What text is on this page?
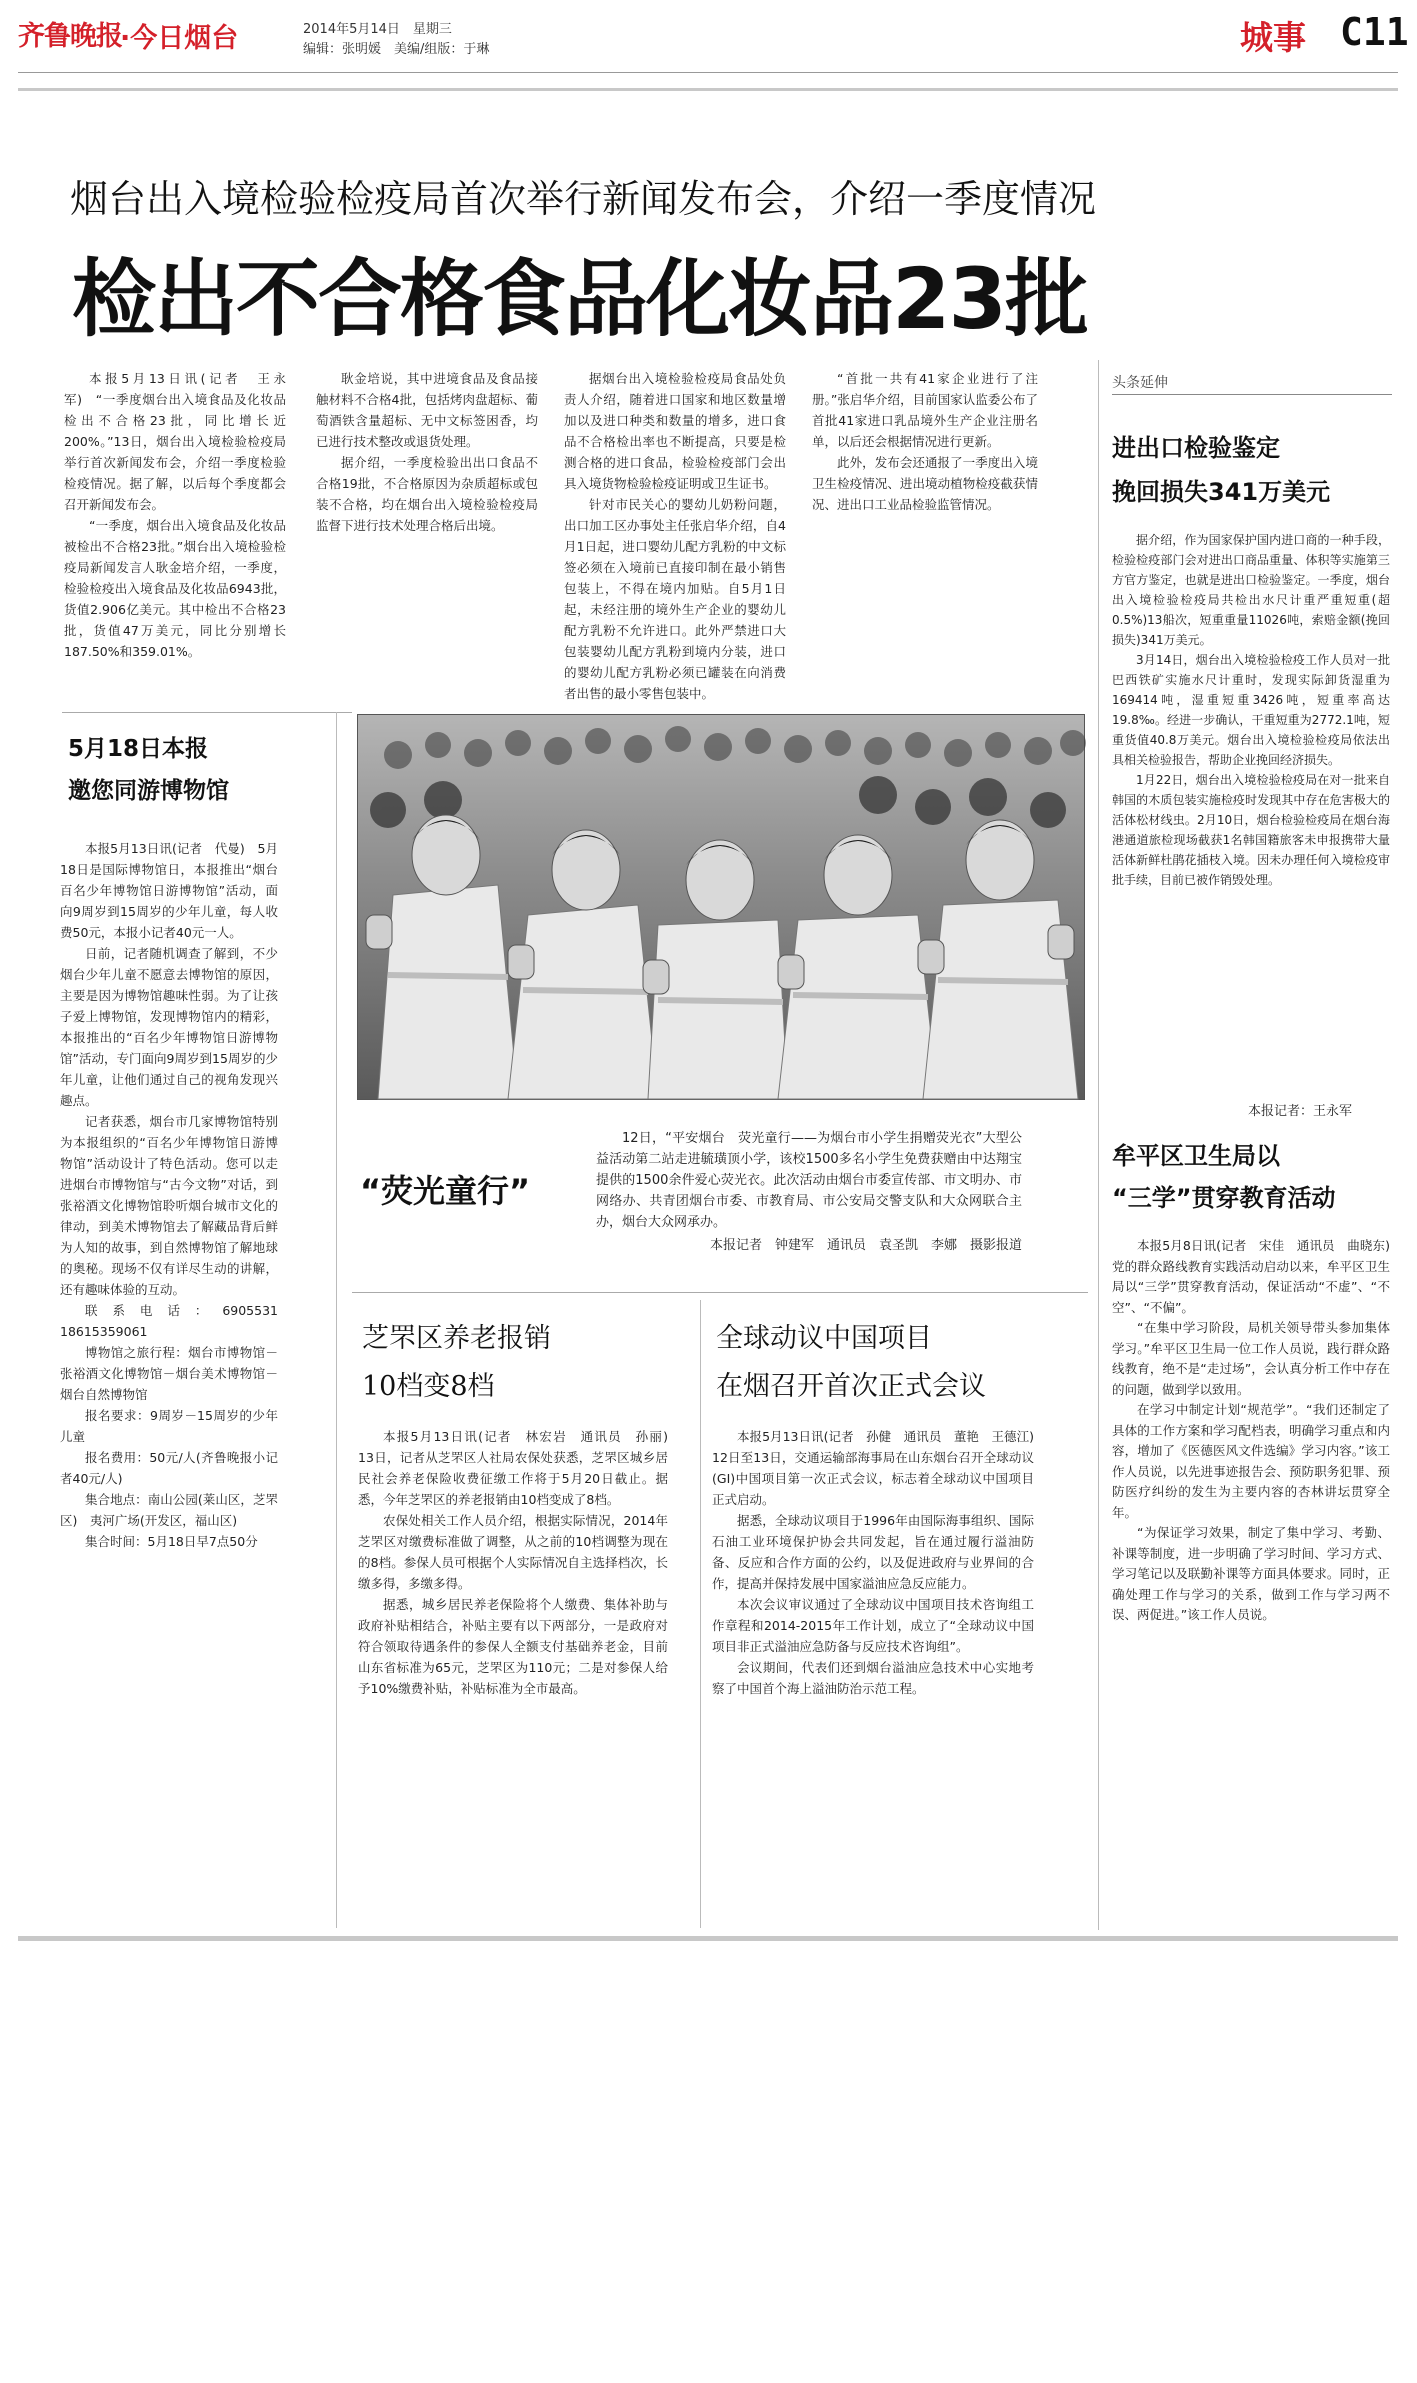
齐鲁晚报
·今日烟台	2014年5月14日　星期三
编辑：张明媛　美编/组版：于琳	城事 C11
烟台出入境检验检疫局首次举行新闻发布会，介绍一季度情况
检出不合格食品化妆品23批

本报5月13日讯(记者　王永军)　“一季度烟台出入境食品及化妆品检出不合格23批，同比增长近200%。”13日，烟台出入境检验检疫局举行首次新闻发布会，介绍一季度检验检疫情况。据了解，以后每个季度都会召开新闻发布会。

“一季度，烟台出入境食品及化妆品被检出不合格23批。”烟台出入境检验检疫局新闻发言人耿金培介绍，一季度，检验检疫出入境食品及化妆品6943批，货值2.906亿美元。其中检出不合格23批，货值47万美元，同比分别增长187.50%和359.01%。

耿金培说，其中进境食品及食品接触材料不合格4批，包括烤肉盘超标、葡萄酒铁含量超标、无中文标签困香，均已进行技术整改或退货处理。

据介绍，一季度检验出出口食品不合格19批，不合格原因为杂质超标或包装不合格，均在烟台出入境检验检疫局监督下进行技术处理合格后出境。

据烟台出入境检验检疫局食品处负责人介绍，随着进口国家和地区数量增加以及进口种类和数量的增多，进口食品不合格检出率也不断提高，只要是检测合格的进口食品，检验检疫部门会出具入境货物检验检疫证明或卫生证书。

针对市民关心的婴幼儿奶粉问题，出口加工区办事处主任张启华介绍，自4月1日起，进口婴幼儿配方乳粉的中文标签必须在入境前已直接印制在最小销售包装上，不得在境内加贴。自5月1日起，未经注册的境外生产企业的婴幼儿配方乳粉不允许进口。此外严禁进口大包装婴幼儿配方乳粉到境内分装，进口的婴幼儿配方乳粉必须已罐装在向消费者出售的最小零售包装中。

“首批一共有41家企业进行了注册。”张启华介绍，目前国家认监委公布了首批41家进口乳品境外生产企业注册名单，以后还会根据情况进行更新。

此外，发布会还通报了一季度出入境卫生检疫情况、进出境动植物检疫截获情况、进出口工业品检验监管情况。

头条延伸
进出口检验鉴定
挽回损失341万美元

据介绍，作为国家保护国内进口商的一种手段，检验检疫部门会对进出口商品重量、体积等实施第三方官方鉴定，也就是进出口检验鉴定。一季度，烟台出入境检验检疫局共检出水尺计重严重短重(超0.5%)13船次，短重重量11026吨，索赔金额(挽回损失)341万美元。

3月14日，烟台出入境检验检疫工作人员对一批巴西铁矿实施水尺计重时，发现实际卸货湿重为169414吨，湿重短重3426吨，短重率高达19.8‰。经进一步确认，干重短重为2772.1吨，短重货值40.8万美元。烟台出入境检验检疫局依法出具相关检验报告，帮助企业挽回经济损失。

1月22日，烟台出入境检验检疫局在对一批来自韩国的木质包装实施检疫时发现其中存在危害极大的活体松材线虫。2月10日，烟台检验检疫局在烟台海港通道旅检现场截获1名韩国籍旅客未申报携带大量活体新鲜杜鹃花插枝入境。因未办理任何入境检疫审批手续，目前已被作销毁处理。

本报记者：王永军
牟平区卫生局以
“三学”贯穿教育活动

本报5月8日讯(记者　宋佳　通讯员　曲晓东)　党的群众路线教育实践活动启动以来，牟平区卫生局以“三学”贯穿教育活动，保证活动“不虚”、“不空”、“不偏”。

“在集中学习阶段，局机关领导带头参加集体学习。”牟平区卫生局一位工作人员说，践行群众路线教育，绝不是“走过场”，会认真分析工作中存在的问题，做到学以致用。

在学习中制定计划“规范学”。“我们还制定了具体的工作方案和学习配档表，明确学习重点和内容，增加了《医德医风文件选编》学习内容。”该工作人员说，以先进事迹报告会、预防职务犯罪、预防医疗纠纷的发生为主要内容的杏林讲坛贯穿全年。

“为保证学习效果，制定了集中学习、考勤、补课等制度，进一步明确了学习时间、学习方式、学习笔记以及联勤补课等方面具体要求。同时，正确处理工作与学习的关系，做到工作与学习两不误、两促进。”该工作人员说。

5月18日本报
邀您同游博物馆

本报5月13日讯(记者　代曼)　5月18日是国际博物馆日，本报推出“烟台百名少年博物馆日游博物馆”活动，面向9周岁到15周岁的少年儿童，每人收费50元，本报小记者40元一人。

日前，记者随机调查了解到，不少烟台少年儿童不愿意去博物馆的原因，主要是因为博物馆趣味性弱。为了让孩子爱上博物馆，发现博物馆内的精彩，本报推出的“百名少年博物馆日游博物馆”活动，专门面向9周岁到15周岁的少年儿童，让他们通过自己的视角发现兴趣点。

记者获悉，烟台市几家博物馆特别为本报组织的“百名少年博物馆日游博物馆”活动设计了特色活动。您可以走进烟台市博物馆与“古今文物”对话，到张裕酒文化博物馆聆听烟台城市文化的律动，到美术博物馆去了解藏品背后鲜为人知的故事，到自然博物馆了解地球的奥秘。现场不仅有详尽生动的讲解，还有趣味体验的互动。

联系电话：6905531　18615359061

博物馆之旅行程：烟台市博物馆－张裕酒文化博物馆－烟台美术博物馆－烟台自然博物馆

报名要求：9周岁－15周岁的少年儿童

报名费用：50元/人(齐鲁晚报小记者40元/人)

集合地点：南山公园(莱山区，芝罘区)　夷河广场(开发区，福山区)

集合时间：5月18日早7点50分

“荧光童行”

12日，“平安烟台　荧光童行——为烟台市小学生捐赠荧光衣”大型公益活动第二站走进毓璜顶小学，该校1500多名小学生免费获赠由中达翔宝提供的1500余件爱心荧光衣。此次活动由烟台市委宣传部、市文明办、市网络办、共青团烟台市委、市教育局、市公安局交警支队和大众网联合主办，烟台大众网承办。

本报记者　钟建军　通讯员　袁圣凯　李娜　摄影报道
芝罘区养老报销
10档变8档

本报5月13日讯(记者　林宏岩　通讯员　孙丽)　13日，记者从芝罘区人社局农保处获悉，芝罘区城乡居民社会养老保险收费征缴工作将于5月20日截止。据悉，今年芝罘区的养老报销由10档变成了8档。

农保处相关工作人员介绍，根据实际情况，2014年芝罘区对缴费标准做了调整，从之前的10档调整为现在的8档。参保人员可根据个人实际情况自主选择档次，长缴多得，多缴多得。

据悉，城乡居民养老保险将个人缴费、集体补助与政府补贴相结合，补贴主要有以下两部分，一是政府对符合领取待遇条件的参保人全额支付基础养老金，目前山东省标准为65元，芝罘区为110元；二是对参保人给予10%缴费补贴，补贴标准为全市最高。

全球动议中国项目
在烟召开首次正式会议

本报5月13日讯(记者　孙健　通讯员　董艳　王德江)　12日至13日，交通运输部海事局在山东烟台召开全球动议(GI)中国项目第一次正式会议，标志着全球动议中国项目正式启动。

据悉，全球动议项目于1996年由国际海事组织、国际石油工业环境保护协会共同发起，旨在通过履行溢油防备、反应和合作方面的公约，以及促进政府与业界间的合作，提高并保持发展中国家溢油应急反应能力。

本次会议审议通过了全球动议中国项目技术咨询组工作章程和2014-2015年工作计划，成立了“全球动议中国项目非正式溢油应急防备与反应技术咨询组”。

会议期间，代表们还到烟台溢油应急技术中心实地考察了中国首个海上溢油防治示范工程。
